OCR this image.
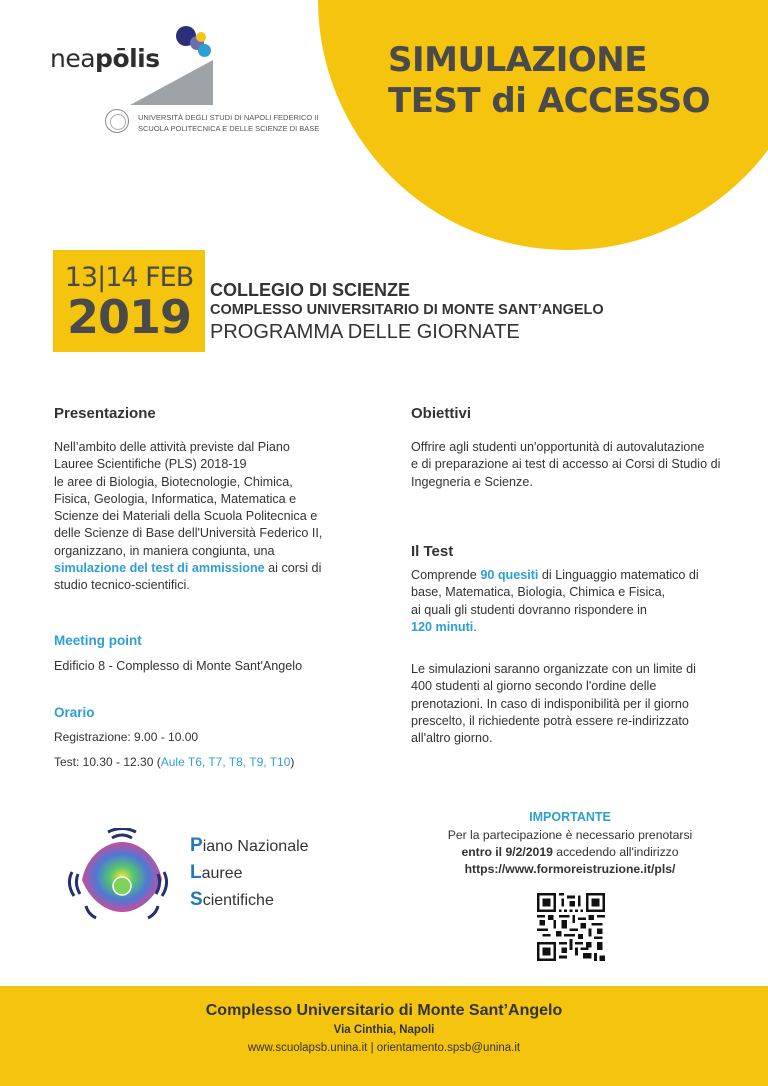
SIMULAZIONE
TEST di ACCESSO
neapōlis
UNIVERSITÀ DEGLI STUDI DI NAPOLI FEDERICO II
SCUOLA POLITECNICA E DELLE SCIENZE DI BASE
13|14 FEB
2019	COLLEGIO DI SCIENZE
COMPLESSO UNIVERSITARIO DI MONTE SANT’ANGELO
PROGRAMMA DELLE GIORNATE
Presentazione
Nell’ambito delle attività previste dal Piano
Lauree Scientifiche (PLS) 2018-19
le aree di Biologia, Biotecnologie, Chimica,
Fisica, Geologia, Informatica, Matematica e
Scienze dei Materiali della Scuola Politecnica e
delle Scienze di Base dell'Università Federico II,
organizzano, in maniera congiunta, una
simulazione del test di ammissione ai corsi di
studio tecnico-scientifici.
Meeting point
Edificio 8 - Complesso di Monte Sant'Angelo
Orario
Registrazione: 9.00 - 10.00
Test: 10.30 - 12.30 (Aule T6, T7, T8, T9, T10)
Obiettivi
Offrire agli studenti un'opportunità di autovalutazione
e di preparazione ai test di accesso ai Corsi di Studio di
Ingegneria e Scienze.
Il Test
Comprende 90 quesiti di Linguaggio matematico di
base, Matematica, Biologia, Chimica e Fisica,
ai quali gli studenti dovranno rispondere in
120 minuti.
Le simulazioni saranno organizzate con un limite di
400 studenti al giorno secondo l'ordine delle
prenotazioni. In caso di indisponibilità per il giorno
prescelto, il richiedente potrà essere re-indirizzato
all'altro giorno.
Piano Nazionale
Lauree
Scientifiche
IMPORTANTE
Per la partecipazione è necessario prenotarsi
entro il 9/2/2019 accedendo all'indirizzo
https://www.formoreistruzione.it/pls/
Complesso Universitario di Monte Sant’Angelo
Via Cinthia, Napoli
www.scuolapsb.unina.it | orientamento.spsb@unina.it
